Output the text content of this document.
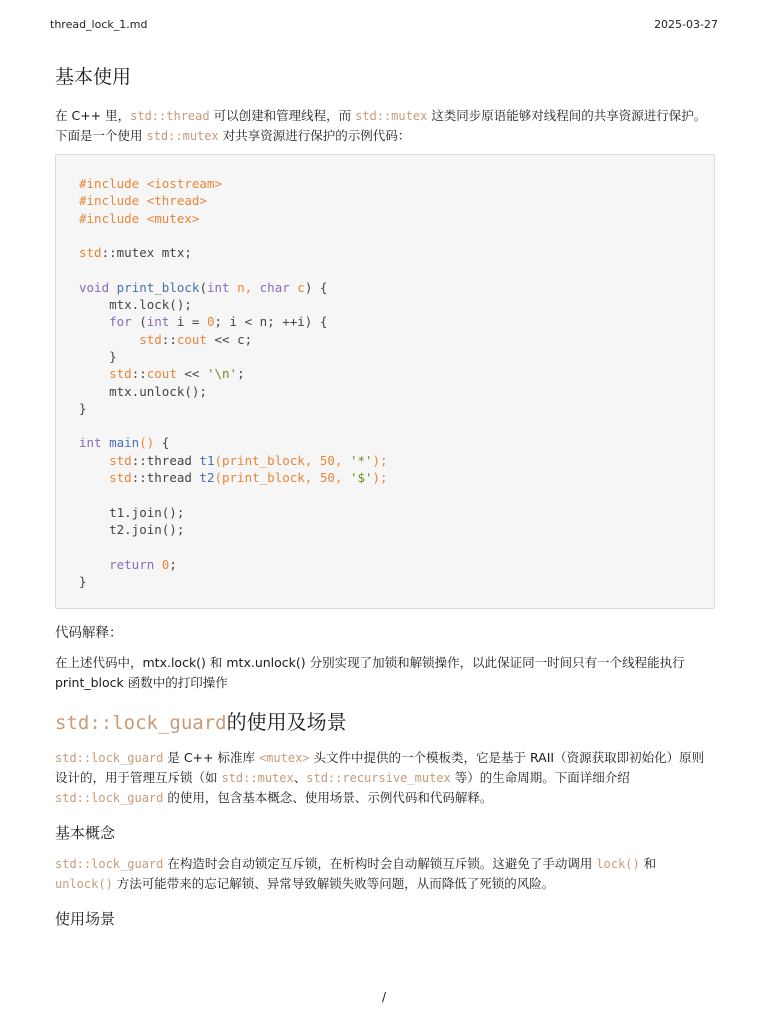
thread_lock_1.md	2025-03-27
基本使用

在 C++ 里，std::thread 可以创建和管理线程，而 std::mutex 这类同步原语能够对线程间的共享资源进行保护。下面是一个使用 std::mutex 对共享资源进行保护的示例代码：

#include <iostream>
#include <thread>
#include <mutex>
std::mutex mtx;
void print_block(int n, char c) {
mtx.lock();
for (int i = 0; i < n; ++i) {
std::cout << c;
}
std::cout << '\n';
mtx.unlock();
}
int main() {
std::thread t1(print_block, 50, '*');
std::thread t2(print_block, 50, '$');
t1.join();
t2.join();
return 0;
}

代码解释：

在上述代码中，mtx.lock() 和 mtx.unlock() 分别实现了加锁和解锁操作，以此保证同一时间只有一个线程能执行 print_block 函数中的打印操作

std::lock_guard的使用及场景

std::lock_guard 是 C++ 标准库 <mutex> 头文件中提供的一个模板类，它是基于 RAII（资源获取即初始化）原则设计的，用于管理互斥锁（如 std::mutex、std::recursive_mutex 等）的生命周期。下面详细介绍 std::lock_guard 的使用，包含基本概念、使用场景、示例代码和代码解释。

基本概念

std::lock_guard 在构造时会自动锁定互斥锁，在析构时会自动解锁互斥锁。这避免了手动调用 lock() 和 unlock() 方法可能带来的忘记解锁、异常导致解锁失败等问题，从而降低了死锁的风险。

使用场景
/
